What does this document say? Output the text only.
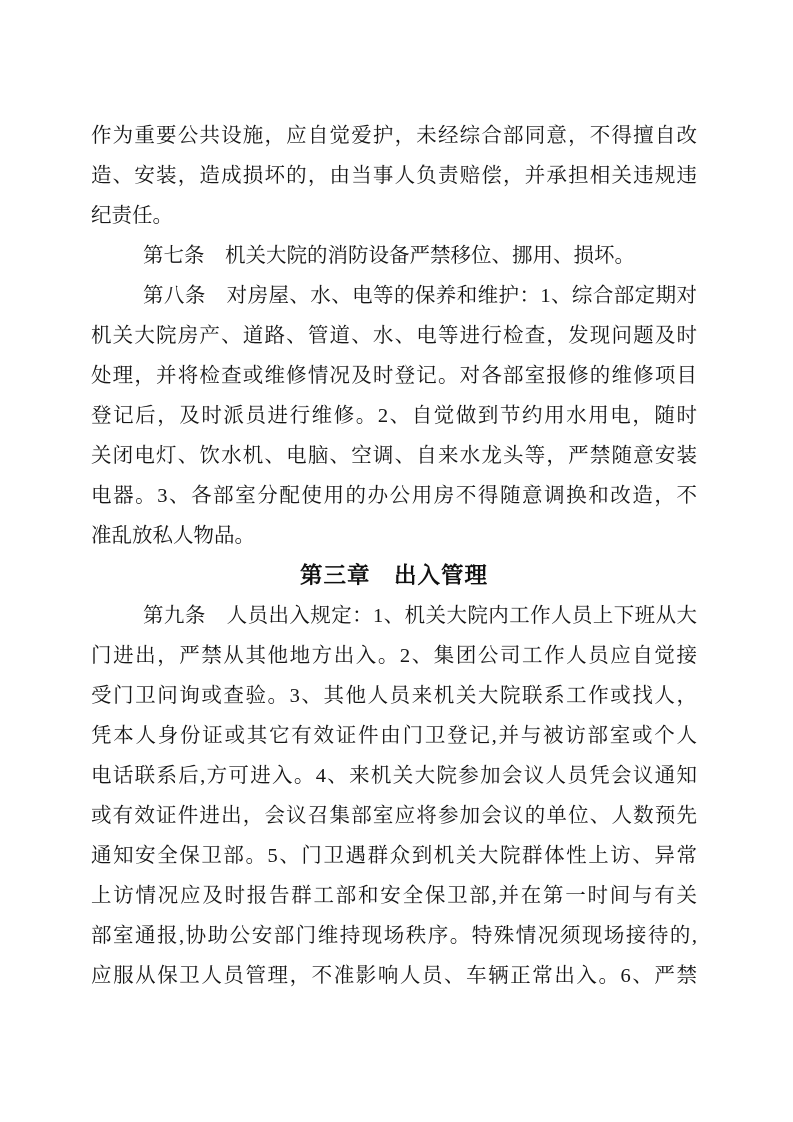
作为重要公共设施，应自觉爱护，未经综合部同意，不得擅自改
造、安装，造成损坏的，由当事人负责赔偿，并承担相关违规违
纪责任。
第七条　机关大院的消防设备严禁移位、挪用、损坏。
第八条　对房屋、水、电等的保养和维护：1、综合部定期对
机关大院房产、道路、管道、水、电等进行检查，发现问题及时
处理，并将检查或维修情况及时登记。对各部室报修的维修项目
登记后，及时派员进行维修。2、自觉做到节约用水用电，随时
关闭电灯、饮水机、电脑、空调、自来水龙头等，严禁随意安装
电器。3、各部室分配使用的办公用房不得随意调换和改造，不
准乱放私人物品。
第三章　出入管理
第九条　人员出入规定：1、机关大院内工作人员上下班从大
门进出，严禁从其他地方出入。2、集团公司工作人员应自觉接
受门卫问询或查验。3、其他人员来机关大院联系工作或找人，
凭本人身份证或其它有效证件由门卫登记,并与被访部室或个人
电话联系后,方可进入。4、来机关大院参加会议人员凭会议通知
或有效证件进出，会议召集部室应将参加会议的单位、人数预先
通知安全保卫部。5、门卫遇群众到机关大院群体性上访、异常
上访情况应及时报告群工部和安全保卫部,并在第一时间与有关
部室通报,协助公安部门维持现场秩序。特殊情况须现场接待的,
应服从保卫人员管理，不准影响人员、车辆正常出入。6、严禁
